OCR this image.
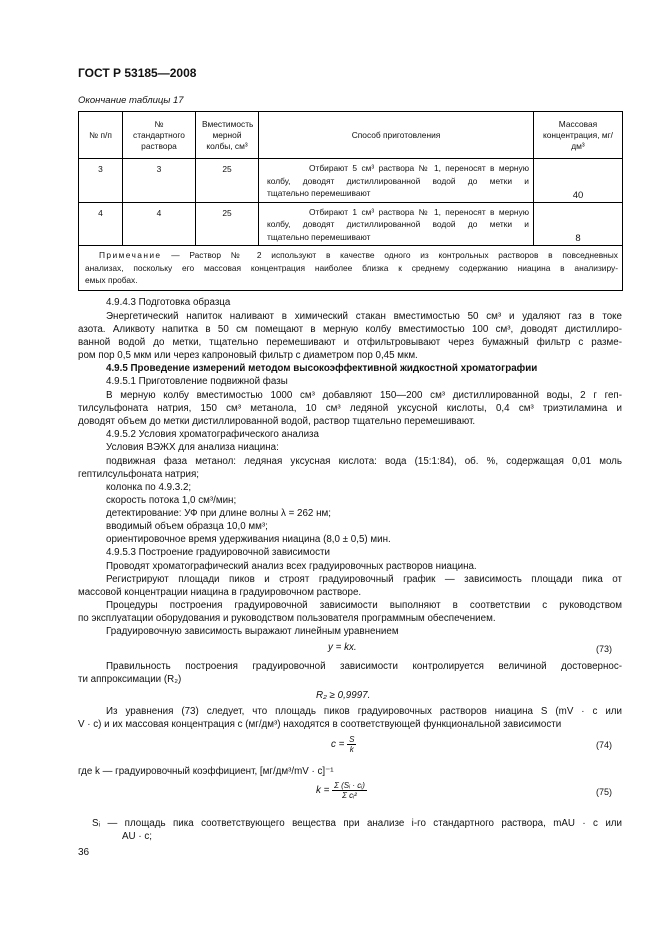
ГОСТ Р 53185—2008
Окончание таблицы 17
№ п/п	№ стандартного раствора	Вместимость мерной колбы, см³	Способ приготовления	Массовая концентрация, мг/дм³
3	3	25	Отбирают 5 см³ раствора № 1, переносят в мерную
колбу, доводят дистиллированной водой до метки и
тщательно перемешивают	40
4	4	25	Отбирают 1 см³ раствора № 1, переносят в мерную
колбу, доводят дистиллированной водой до метки и
тщательно перемешивают	8

Примечание — Раствор № 2 используют в качестве одного из контрольных растворов в повседневных
анализах, поскольку его массовая концентрация наиболее близка к среднему содержанию ниацина в анализиру-
емых пробах.				
4.9.4.3 Подготовка образца
Энергетический напиток наливают в химический стакан вместимостью 50 см³ и удаляют газ в токе
азота. Аликвоту напитка в 50 см помещают в мерную колбу вместимостью 100 см³, доводят дистиллиро-
ванной водой до метки, тщательно перемешивают и отфильтровывают через бумажный фильтр с разме-
ром пор 0,5 мкм или через капроновый фильтр с диаметром пор 0,45 мкм.
4.9.5 Проведение измерений методом высокоэффективной жидкостной хроматографии
4.9.5.1 Приготовление подвижной фазы
В мерную колбу вместимостью 1000 см³ добавляют 150—200 см³ дистиллированной воды, 2 г геп-
тилсульфоната натрия, 150 см³ метанола, 10 см³ ледяной уксусной кислоты, 0,4 см³ триэтиламина и
доводят объем до метки дистиллированной водой, раствор тщательно перемешивают.
4.9.5.2 Условия хроматографического анализа
Условия ВЭЖХ для анализа ниацина:
подвижная фаза метанол: ледяная уксусная кислота: вода (15:1:84), об. %, содержащая 0,01 моль
гептилсульфоната натрия;
колонка по 4.9.3.2;
скорость потока 1,0 см³/мин;
детектирование: УФ при длине волны λ = 262 нм;
вводимый объем образца 10,0 мм³;
ориентировочное время удерживания ниацина (8,0 ± 0,5) мин.
4.9.5.3 Построение градуировочной зависимости
Проводят хроматографический анализ всех градуировочных растворов ниацина.
Регистрируют площади пиков и строят градуировочный график — зависимость площади пика от
массовой концентрации ниацина в градуировочном растворе.
Процедуры построения градуировочной зависимости выполняют в соответствии с руководством
по эксплуатации оборудования и руководством пользователя программным обеспечением.
Градуировочную зависимость выражают линейным уравнением
y = kx.	(73)
Правильность построения градуировочной зависимости контролируется величиной достовернос-
ти аппроксимации (R₂)
R₂ ≥ 0,9997.
Из уравнения (73) следует, что площадь пиков градуировочных растворов ниацина S (mV · c или
V · c) и их массовая концентрация c (мг/дм³) находятся в соответствующей функциональной зависимости
$c = \frac{S}{k}$	(74)
где k — градуировочный коэффициент, [мг/дм³/mV · c]⁻¹
$k = \frac{\text{Σ (Sᵢ · cᵢ)}}{\text{Σ cᵢ²}}$	(75)
Sᵢ — площадь пика соответствующего вещества при анализе i-го стандартного раствора, mAU · c или
AU · c;
36
